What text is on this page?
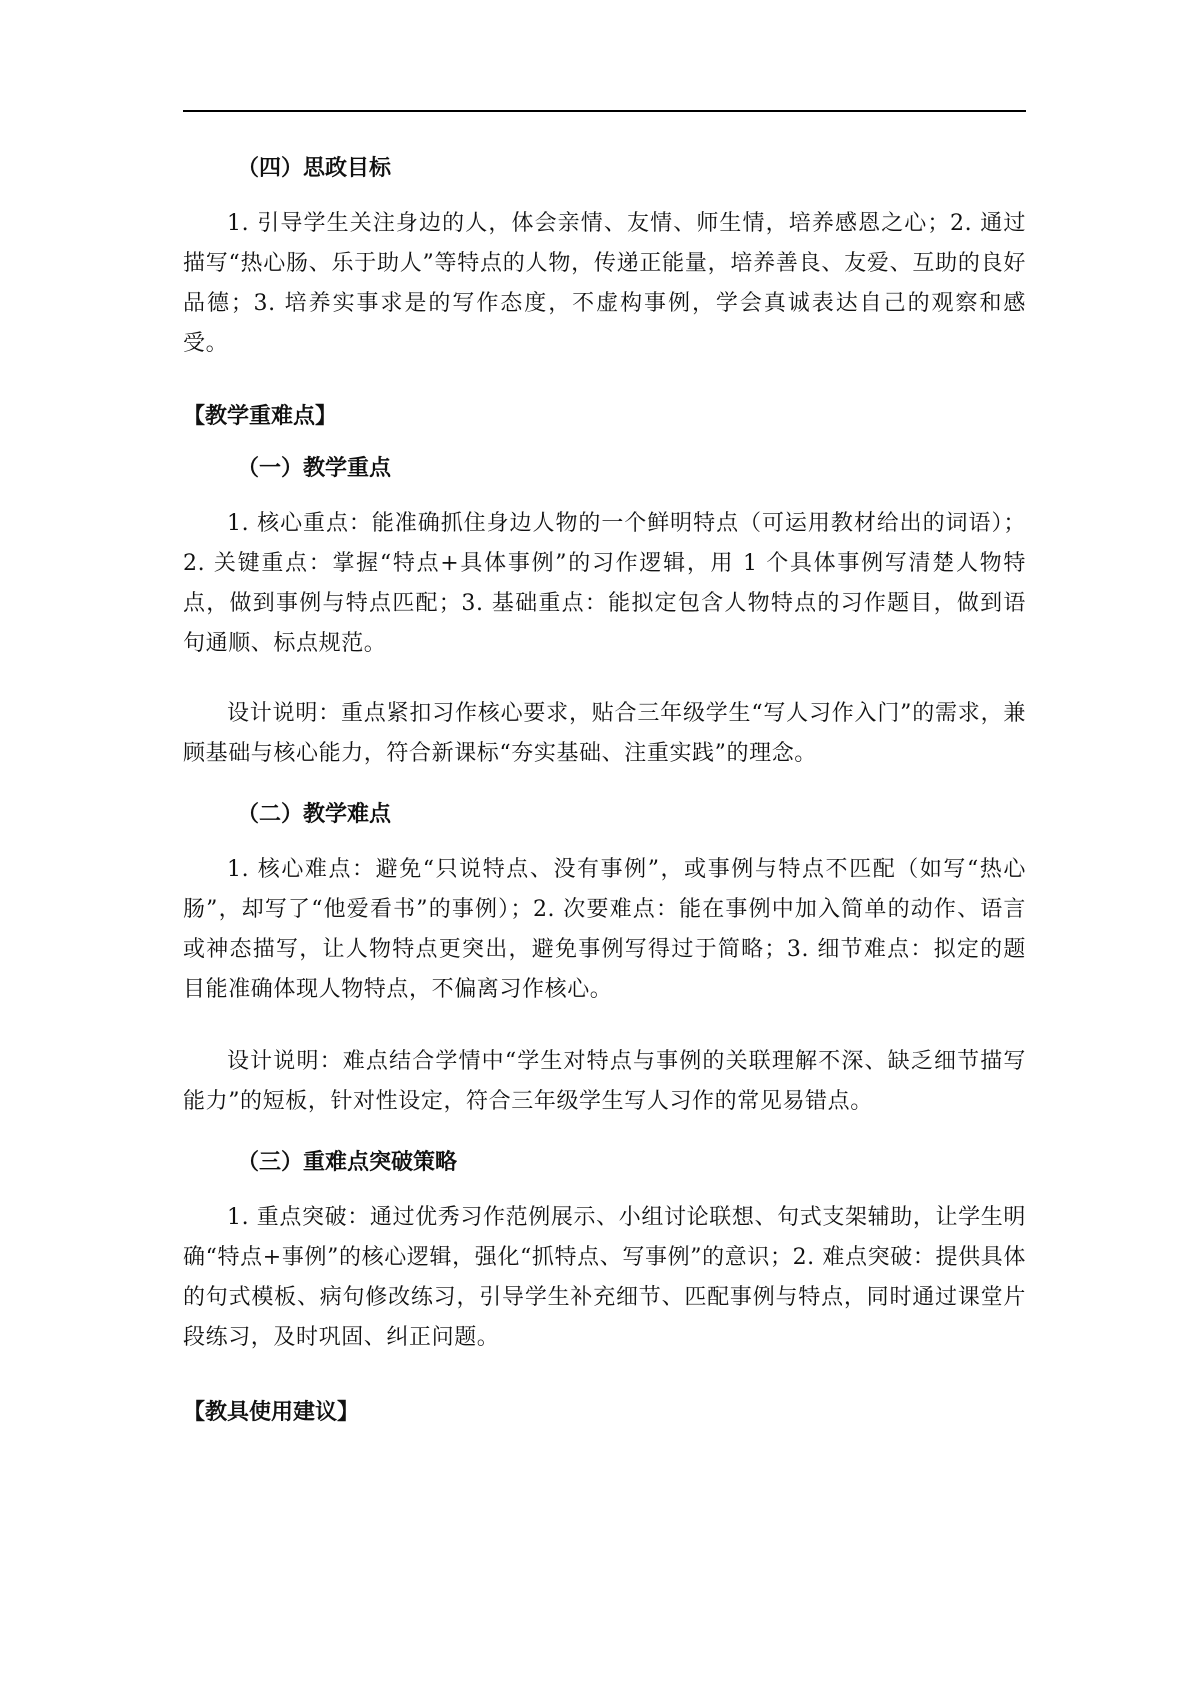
（四）思政目标
1. 引导学生关注身边的人，体会亲情、友情、师生情，培养感恩之心；2. 通过描写“热心肠、乐于助人”等特点的人物，传递正能量，培养善良、友爱、互助的良好品德；3. 培养实事求是的写作态度，不虚构事例，学会真诚表达自己的观察和感受。
【教学重难点】
（一）教学重点
1. 核心重点：能准确抓住身边人物的一个鲜明特点（可运用教材给出的词语）；2. 关键重点：掌握“特点+具体事例”的习作逻辑，用 1 个具体事例写清楚人物特点，做到事例与特点匹配；3. 基础重点：能拟定包含人物特点的习作题目，做到语句通顺、标点规范。
设计说明：重点紧扣习作核心要求，贴合三年级学生“写人习作入门”的需求，兼顾基础与核心能力，符合新课标“夯实基础、注重实践”的理念。
（二）教学难点
1. 核心难点：避免“只说特点、没有事例”，或事例与特点不匹配（如写“热心肠”，却写了“他爱看书”的事例）；2. 次要难点：能在事例中加入简单的动作、语言或神态描写，让人物特点更突出，避免事例写得过于简略；3. 细节难点：拟定的题目能准确体现人物特点，不偏离习作核心。
设计说明：难点结合学情中“学生对特点与事例的关联理解不深、缺乏细节描写能力”的短板，针对性设定，符合三年级学生写人习作的常见易错点。
（三）重难点突破策略
1. 重点突破：通过优秀习作范例展示、小组讨论联想、句式支架辅助，让学生明确“特点+事例”的核心逻辑，强化“抓特点、写事例”的意识；2. 难点突破：提供具体的句式模板、病句修改练习，引导学生补充细节、匹配事例与特点，同时通过课堂片段练习，及时巩固、纠正问题。
【教具使用建议】
